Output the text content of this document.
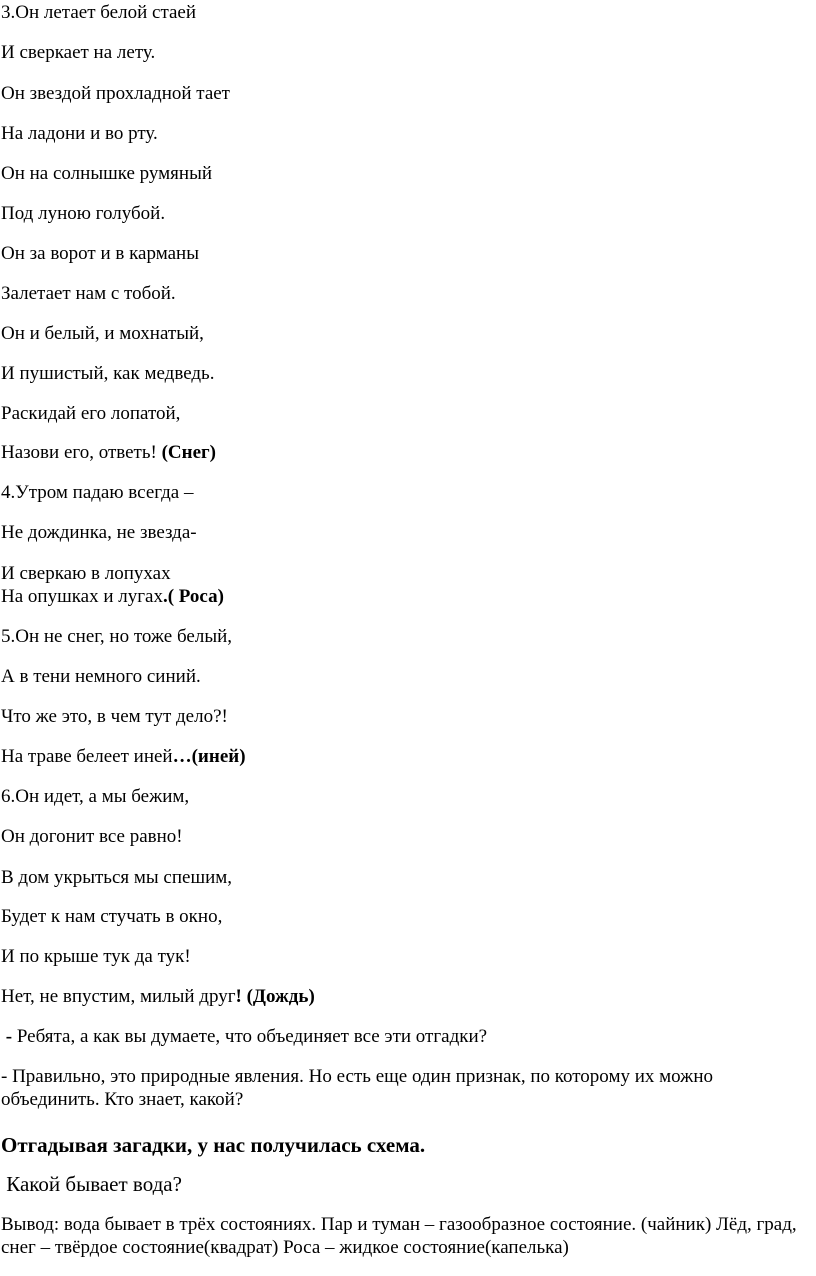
3.Он летает белой стаей

И сверкает на лету.

Он звездой прохладной тает

На ладони и во рту.

Он на солнышке румяный

Под луною голубой.

Он за ворот и в карманы

Залетает нам с тобой.

Он и белый, и мохнатый,

И пушистый, как медведь.

Раскидай его лопатой,

Назови его, ответь! (Снег)

4.Утром падаю всегда –

Не дождинка, не звезда-

И сверкаю в лопухах

На опушках и лугах.( Роса)

5.Он не снег, но тоже белый,

А в тени немного синий.

Что же это, в чем тут дело?!

На траве белеет иней…(иней)

6.Он идет, а мы бежим,

Он догонит все равно!

В дом укрыться мы спешим,

Будет к нам стучать в окно,

И по крыше тук да тук!

Нет, не впустим, милый друг! (Дождь)

- Ребята, а как вы думаете, что объединяет все эти отгадки?

- Правильно, это природные явления. Но есть еще один признак, по которому их можно объединить. Кто знает, какой?

Отгадывая загадки, у нас получилась схема.

Какой бывает вода?

Вывод: вода бывает в трёх состояниях. Пар и туман – газообразное состояние. (чайник) Лёд, град, снег – твёрдое состояние(квадрат) Роса – жидкое состояние(капелька)
